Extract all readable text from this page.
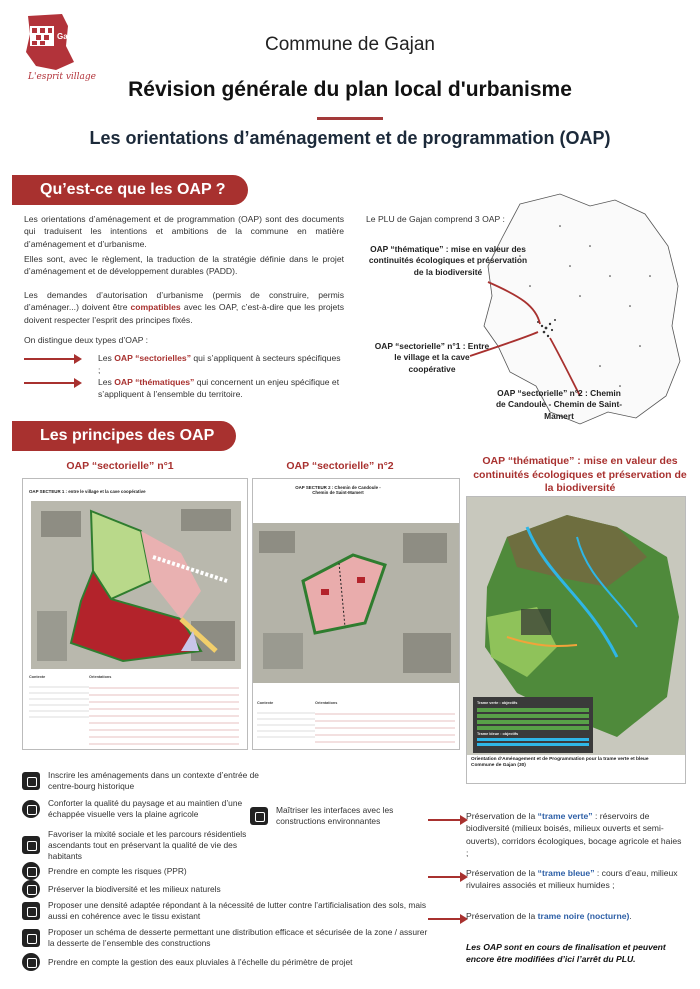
Gajan
L'esprit village
Commune de Gajan
Révision générale du plan local d'urbanisme
Les orientations d’aménagement et de programmation (OAP)
Qu’est-ce que les OAP ?
Les orientations d’aménagement et de programmation (OAP) sont des documents qui traduisent les intentions et ambitions de la commune en matière d’aménagement et d’urbanisme.
Elles sont, avec le règlement, la traduction de la stratégie définie dans le projet d’aménagement et de développement durables (PADD).
Les demandes d’autorisation d’urbanisme (permis de construire, permis d’aménager...) doivent être compatibles avec les OAP, c’est-à-dire que les projets doivent respecter l’esprit des principes fixés.
On distingue deux types d’OAP :
Les OAP “sectorielles” qui s’appliquent à secteurs spécifiques ;
Les OAP “thématiques” qui concernent un enjeu spécifique et s’appliquent à l’ensemble du territoire.
Le PLU de Gajan comprend 3 OAP :
OAP “thématique” : mise en valeur des continuités écologiques et préservation de la biodiversité
OAP “sectorielle” n°1 : Entre le village et la cave coopérative
OAP “sectorielle” n°2 : Chemin de Candoule - Chemin de Saint-Mamert
Les principes des OAP
OAP “sectorielle” n°1	OAP “sectorielle” n°2	OAP “thématique” : mise en valeur des continuités écologiques et préservation de la biodiversité
OAP SECTEUR 1 : entre le village et la cave coopérative
Contexte	Orientations
OAP SECTEUR 2 : Chemin de Candoule - Chemin de Saint-Mamert
Contexte	Orientations	Trame verte : objectifs
Trame bleue : objectifs
Orientation d’Aménagement et de Programmation pour la trame verte et bleue Commune de Gajan (30)
Inscrire les aménagements dans un contexte d’entrée de centre-bourg historique
Conforter la qualité du paysage et au maintien d’une échappée visuelle vers la plaine agricole
Favoriser la mixité sociale et les parcours résidentiels ascendants tout en préservant la qualité de vie des habitants
Prendre en compte les risques (PPR)
Préserver la biodiversité et les milieux naturels
Proposer une densité adaptée répondant à la nécessité de lutter contre l’artificialisation des sols, mais aussi en cohérence avec le tissu existant
Proposer un schéma de desserte permettant une distribution efficace et sécurisée de la zone / assurer la desserte de l’ensemble des constructions
Prendre en compte la gestion des eaux pluviales à l’échelle du périmètre de projet
Maîtriser les interfaces avec les constructions environnantes	Préservation de la “trame verte” : réservoirs de biodiversité (milieux boisés, milieux ouverts et semi-ouverts), corridors écologiques, bocage agricole et haies ;
Préservation de la “trame bleue” : cours d’eau, milieux rivulaires associés et milieux humides ;
Préservation de la trame noire (nocturne).
Les OAP sont en cours de finalisation et peuvent encore être modifiées d’ici l’arrêt du PLU.
